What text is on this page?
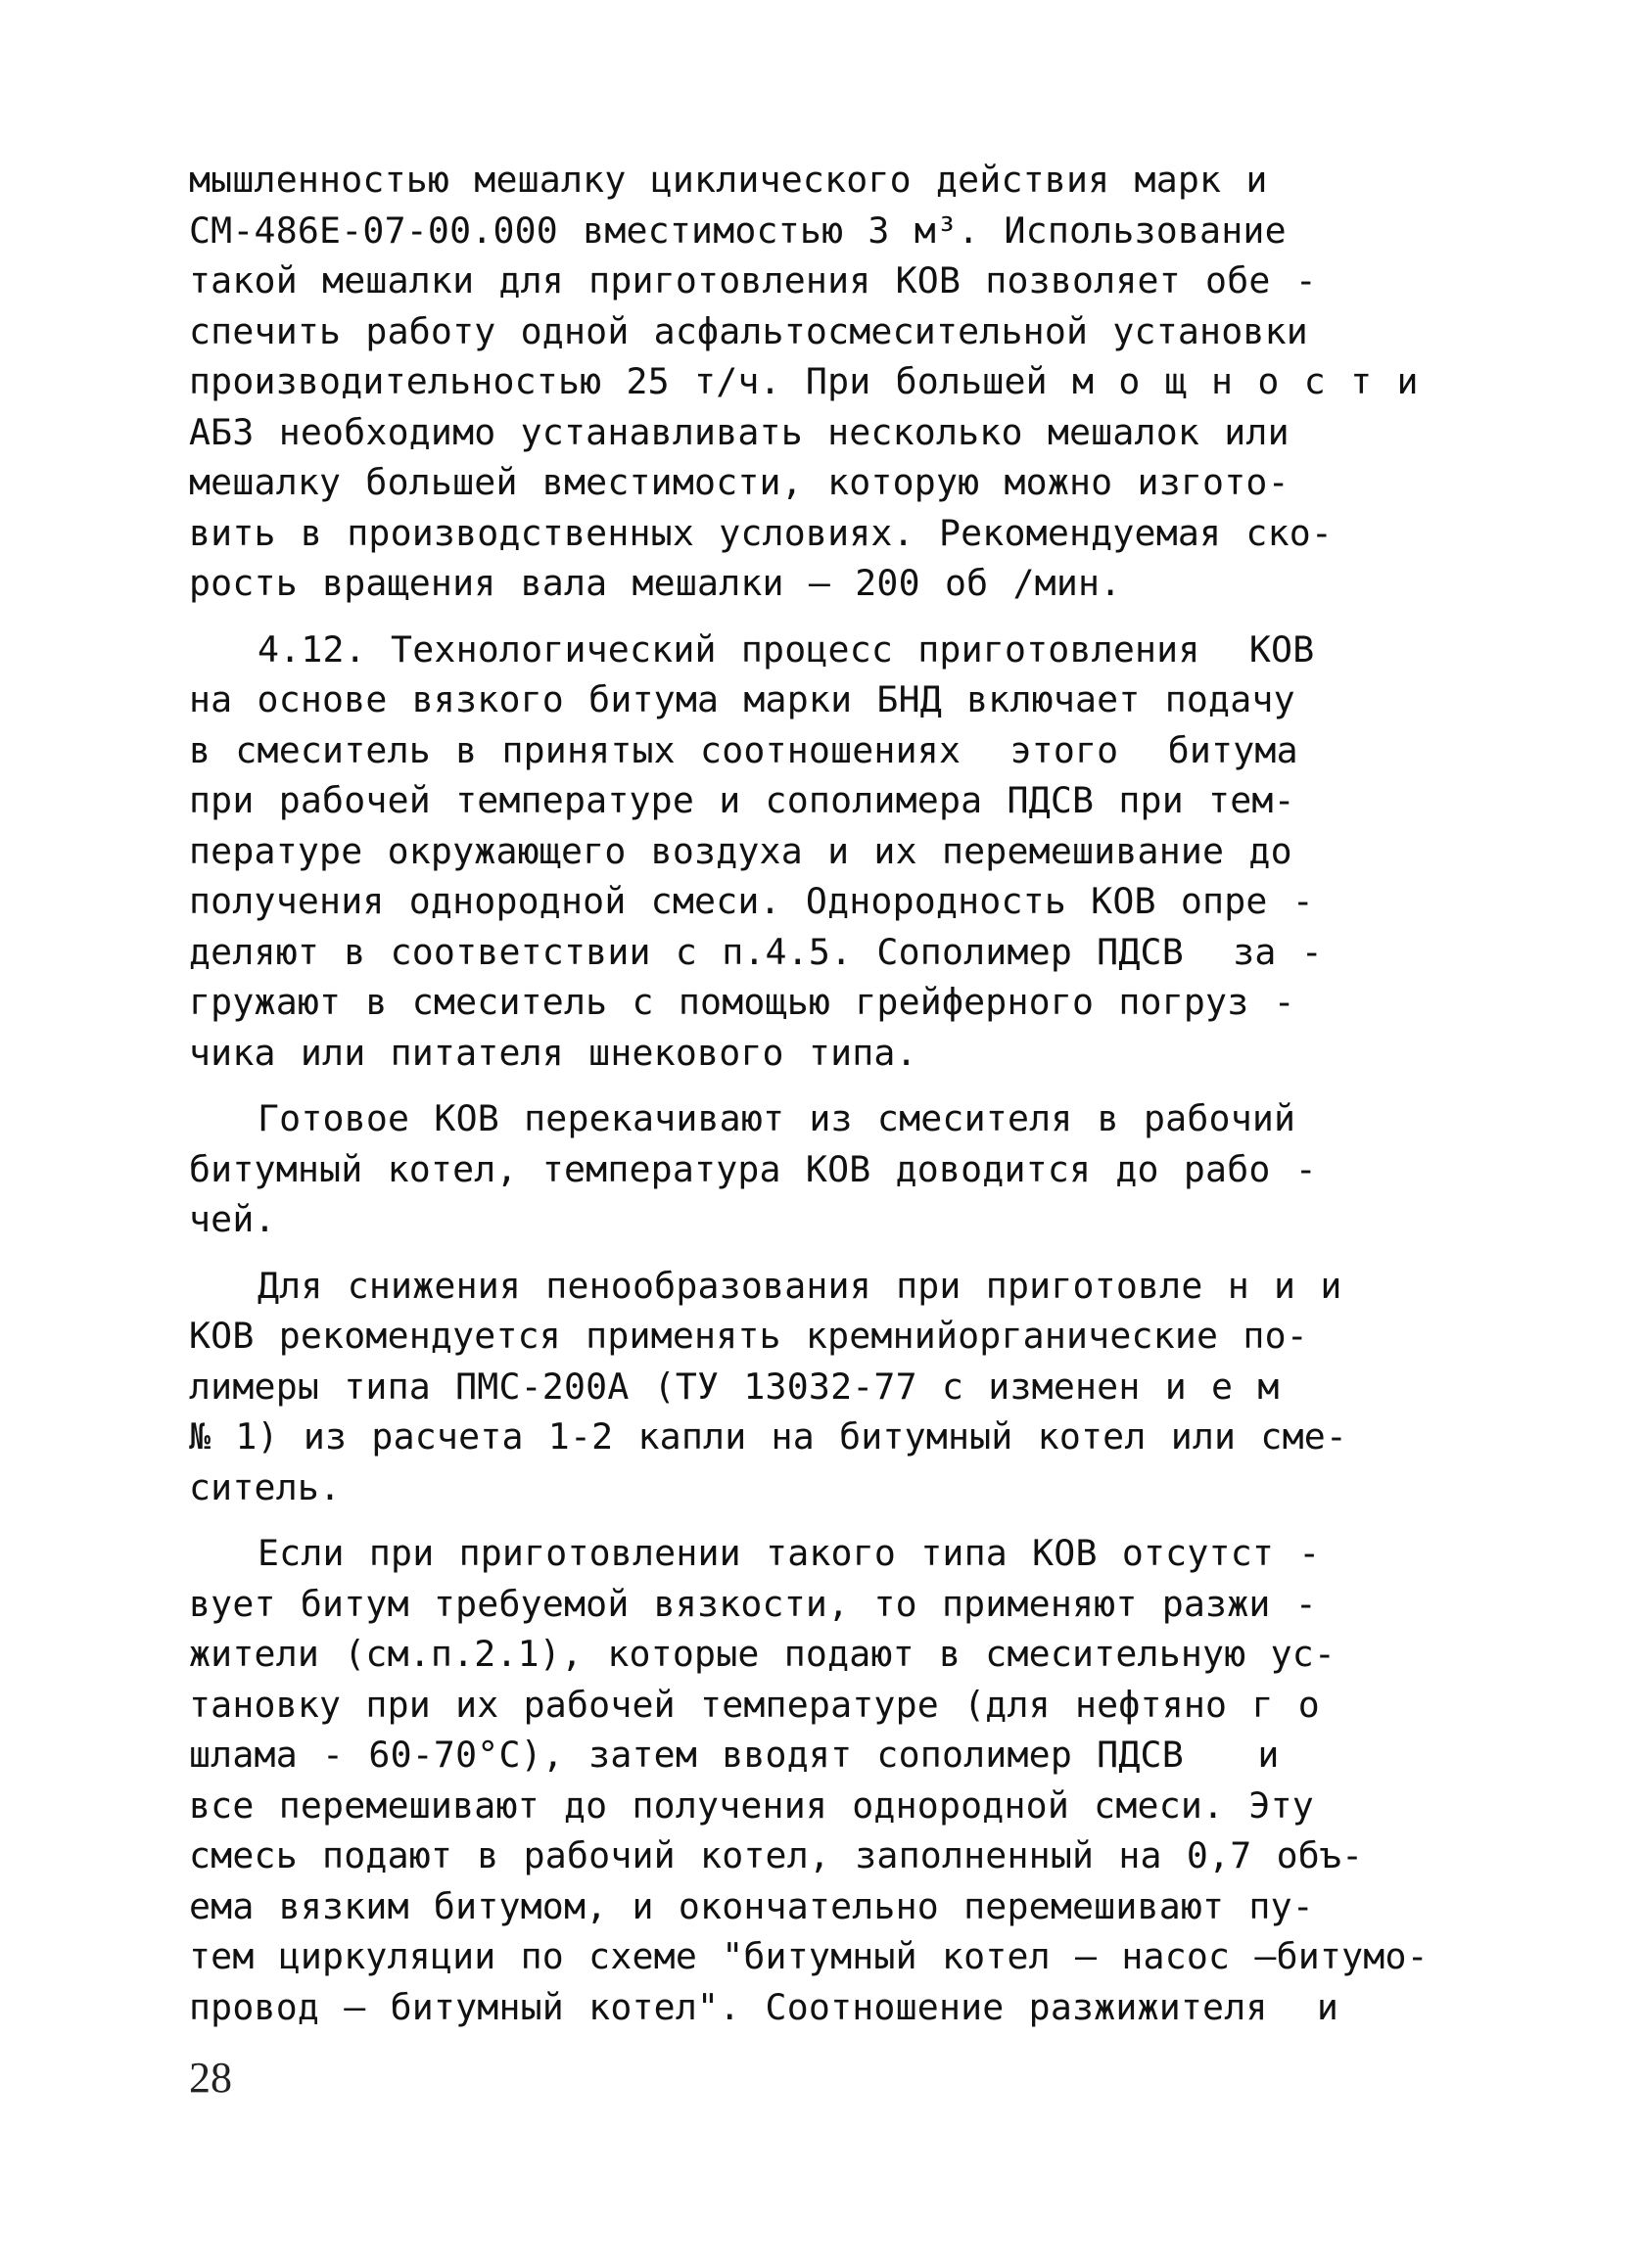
мышленностью мешалку циклического действия марк и
СМ-486Е-07-00.000 вместимостью 3 м³. Использование
такой мешалки для приготовления КОВ позволяет обе -
спечить работу одной асфальтосмесительной установки
производительностью 25 т/ч. При большей м о щ н о с т и
АБЗ необходимо устанавливать несколько мешалок или
мешалку большей вместимости, которую можно изгото-
вить в производственных условиях. Рекомендуемая ско-
рость вращения вала мешалки – 200 об /мин.
4.12. Технологический процесс приготовления  КОВ
на основе вязкого битума марки БНД включает подачу
в смеситель в принятых соотношениях  этого  битума
при рабочей температуре и сополимера ПДСВ при тем-
пературе окружающего воздуха и их перемешивание до
получения однородной смеси. Однородность КОВ опре -
деляют в соответствии с п.4.5. Сополимер ПДСВ  за -
гружают в смеситель с помощью грейферного погруз -
чика или питателя шнекового типа.
Готовое КОВ перекачивают из смесителя в рабочий
битумный котел, температура КОВ доводится до рабо -
чей.
Для снижения пенообразования при приготовле н и и
КОВ рекомендуется применять кремнийорганические по-
лимеры типа ПМС-200А (ТУ 13032-77 с изменен и е м
№ 1) из расчета 1-2 капли на битумный котел или сме-
ситель.
Если при приготовлении такого типа КОВ отсутст -
вует битум требуемой вязкости, то применяют разжи -
жители (см.п.2.1), которые подают в смесительную ус-
тановку при их рабочей температуре (для нефтяно г о
шлама - 60-70°С), затем вводят сополимер ПДСВ   и
все перемешивают до получения однородной смеси. Эту
смесь подают в рабочий котел, заполненный на 0,7 объ-
ема вязким битумом, и окончательно перемешивают пу-
тем циркуляции по схеме "битумный котел – насос –битумо-
провод – битумный котел". Соотношение разжижителя  и
28
